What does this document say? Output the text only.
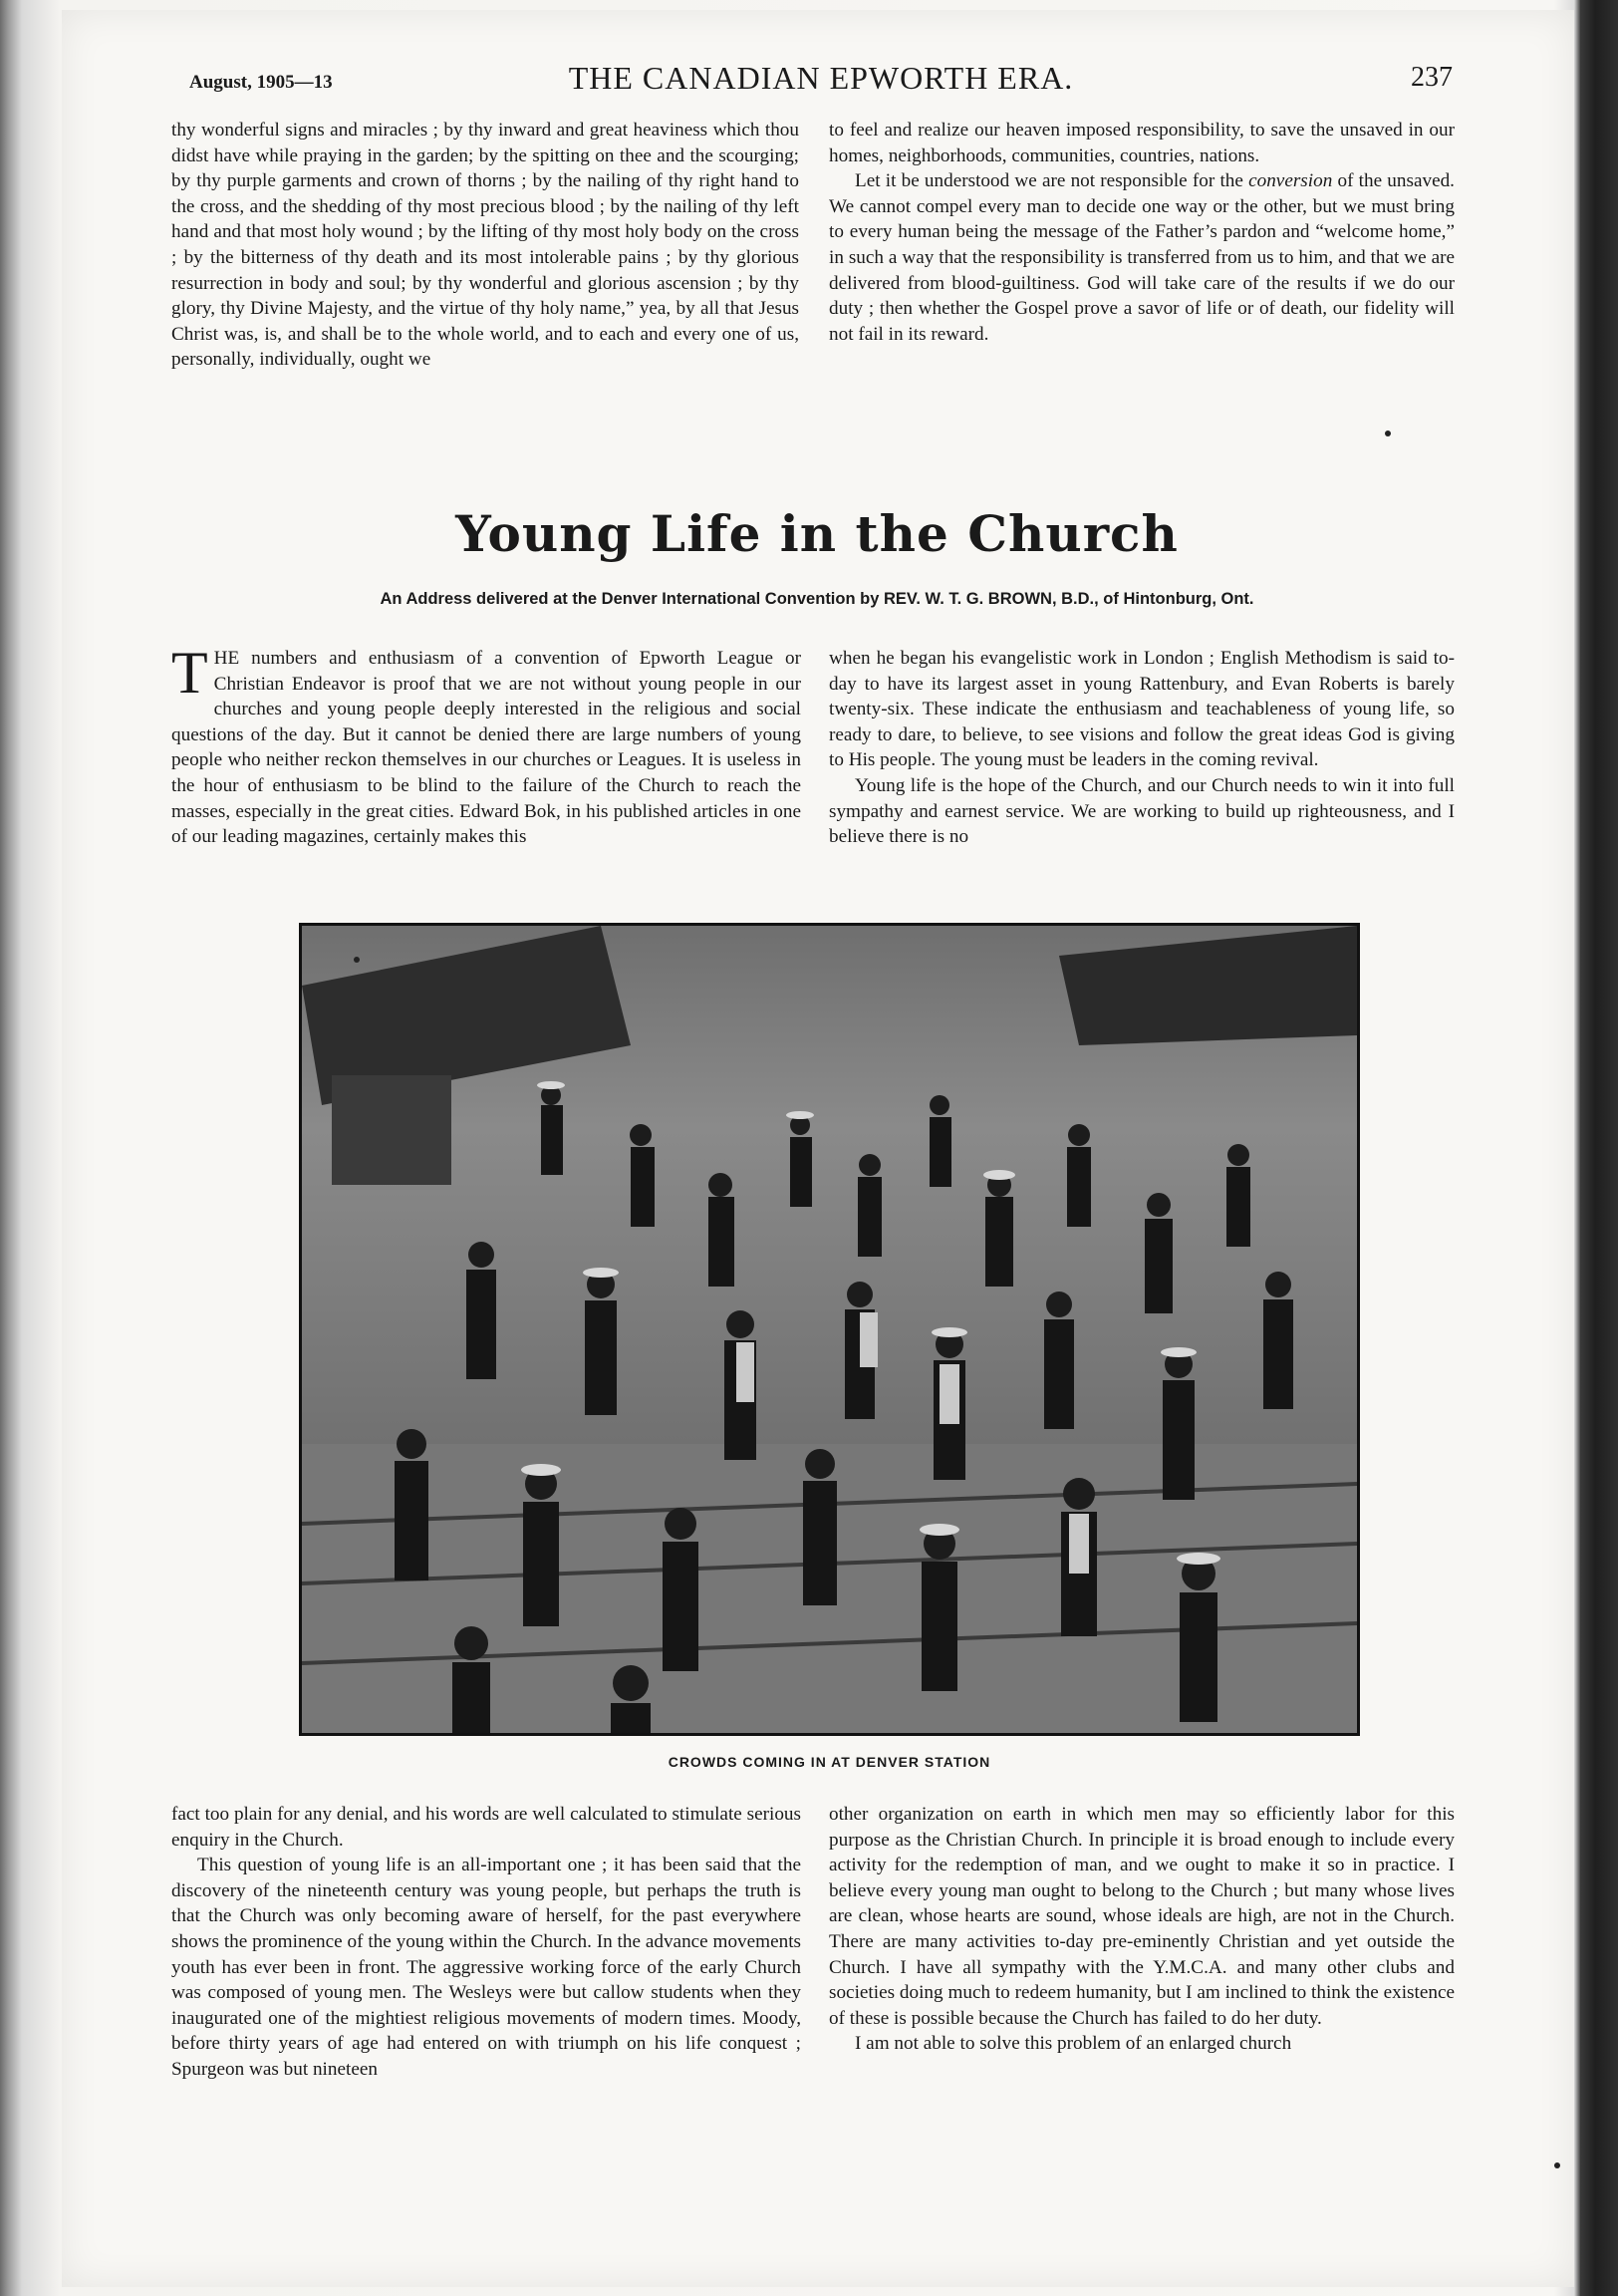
August, 1905—13	THE CANADIAN EPWORTH ERA.	237

thy wonderful signs and miracles ; by thy inward and great heaviness which thou didst have while praying in the garden; by the spitting on thee and the scourging; by thy purple garments and crown of thorns ; by the nailing of thy right hand to the cross, and the shedding of thy most precious blood ; by the nailing of thy left hand and that most holy wound ; by the lifting of thy most holy body on the cross ; by the bitterness of thy death and its most intolerable pains ; by thy glorious resurrection in body and soul; by thy wonderful and glorious ascension ; by thy glory, thy Divine Majesty, and the virtue of thy holy name,” yea, by all that Jesus Christ was, is, and shall be to the whole world, and to each and every one of us, personally, individually, ought we

to feel and realize our heaven imposed responsibility, to save the unsaved in our homes, neighborhoods, communities, countries, nations.

Let it be understood we are not responsible for the conversion of the unsaved. We cannot compel every man to decide one way or the other, but we must bring to every human being the message of the Father’s pardon and “welcome home,” in such a way that the responsibility is transferred from us to him, and that we are delivered from blood-guiltiness. God will take care of the results if we do our duty ; then whether the Gospel prove a savor of life or of death, our fidelity will not fail in its reward.

Young Life in the Church
An Address delivered at the Denver International Convention by REV. W. T. G. BROWN, B.D., of Hintonburg, Ont.

THE numbers and enthusiasm of a convention of Epworth League or Christian Endeavor is proof that we are not without young people in our churches and young people deeply interested in the religious and social questions of the day. But it cannot be denied there are large numbers of young people who neither reckon themselves in our churches or Leagues. It is useless in the hour of enthusiasm to be blind to the failure of the Church to reach the masses, especially in the great cities. Edward Bok, in his published articles in one of our leading magazines, certainly makes this

when he began his evangelistic work in London ; English Methodism is said to-day to have its largest asset in young Rattenbury, and Evan Roberts is barely twenty-six. These indicate the enthusiasm and teachableness of young life, so ready to dare, to believe, to see visions and follow the great ideas God is giving to His people. The young must be leaders in the coming revival.

Young life is the hope of the Church, and our Church needs to win it into full sympathy and earnest service. We are working to build up righteousness, and I believe there is no

CROWDS COMING IN AT DENVER STATION

fact too plain for any denial, and his words are well calculated to stimulate serious enquiry in the Church.

This question of young life is an all-important one ; it has been said that the discovery of the nineteenth century was young people, but perhaps the truth is that the Church was only becoming aware of herself, for the past everywhere shows the prominence of the young within the Church. In the advance movements youth has ever been in front. The aggressive working force of the early Church was composed of young men. The Wesleys were but callow students when they inaugurated one of the mightiest religious movements of modern times. Moody, before thirty years of age had entered on with triumph on his life conquest ; Spurgeon was but nineteen

other organization on earth in which men may so efficiently labor for this purpose as the Christian Church. In principle it is broad enough to include every activity for the redemption of man, and we ought to make it so in practice. I believe every young man ought to belong to the Church ; but many whose lives are clean, whose hearts are sound, whose ideals are high, are not in the Church. There are many activities to-day pre-eminently Christian and yet outside the Church. I have all sympathy with the Y.M.C.A. and many other clubs and societies doing much to redeem humanity, but I am inclined to think the existence of these is possible because the Church has failed to do her duty.

I am not able to solve this problem of an enlarged church
